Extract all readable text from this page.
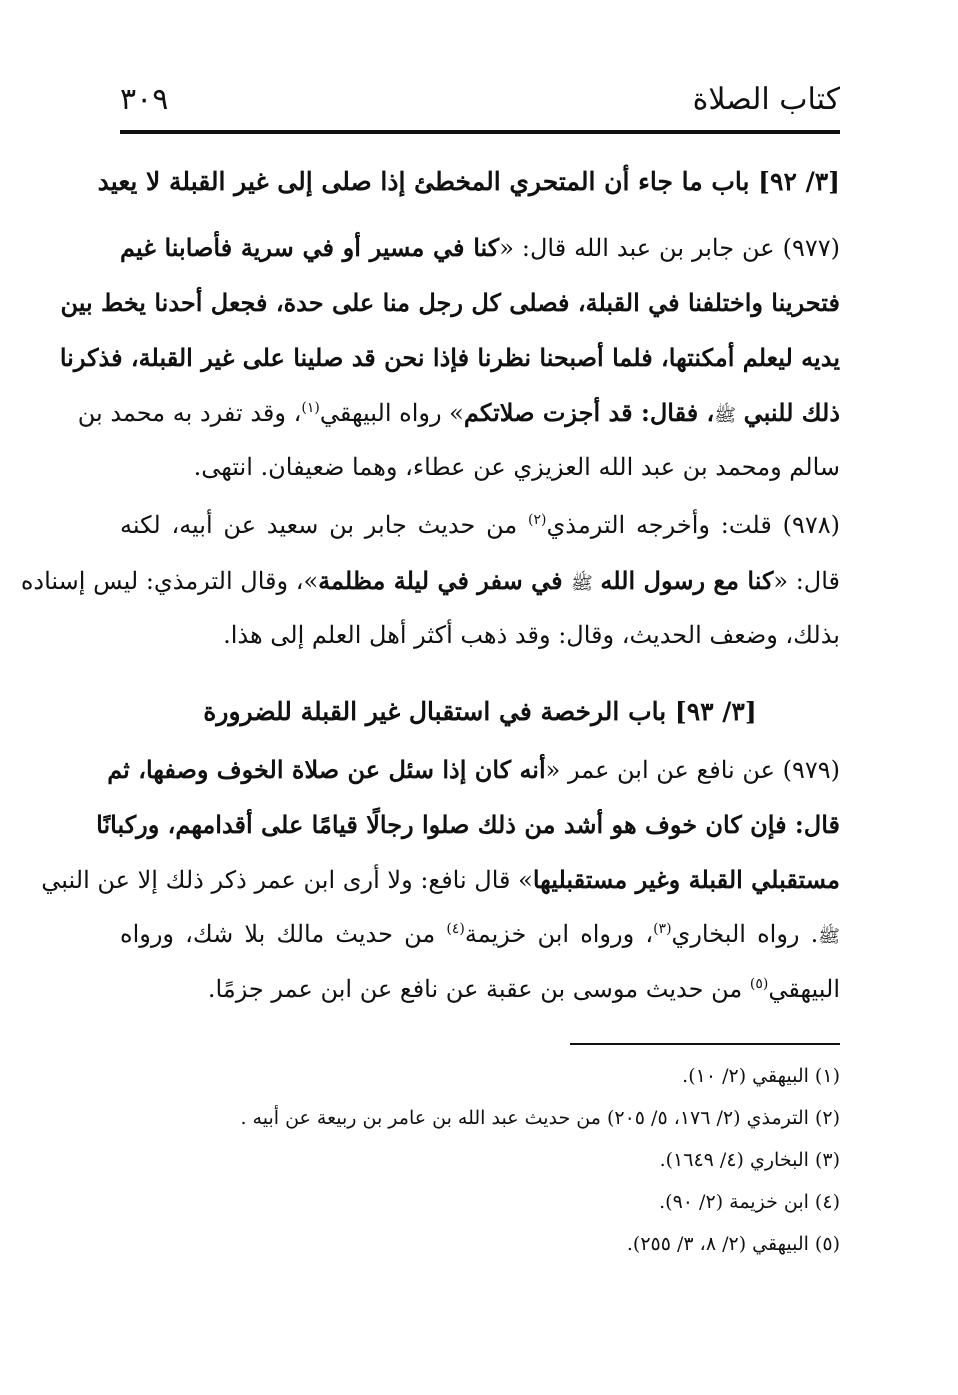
كتاب الصلاة
٣٠٩
[٣/ ٩٢] باب ما جاء أن المتحري المخطئ إذا صلى إلى غير القبلة لا يعيد
(٩٧٧) عن جابر بن عبد الله قال: «كنا في مسير أو في سرية فأصابنا غيم
فتحرينا واختلفنا في القبلة، فصلى كل رجل منا على حدة، فجعل أحدنا يخط بين
يديه ليعلم أمكنتها، فلما أصبحنا نظرنا فإذا نحن قد صلينا على غير القبلة، فذكرنا
ذلك للنبي ﷺ، فقال: قد أجزت صلاتكم» رواه البيهقي$^{(١)}$، وقد تفرد به محمد بن
سالم ومحمد بن عبد الله العزيزي عن عطاء، وهما ضعيفان. انتهى.
(٩٧٨) قلت: وأخرجه الترمذي$^{(٢)}$ من حديث جابر بن سعيد عن أبيه، لكنه
قال: «كنا مع رسول الله ﷺ في سفر في ليلة مظلمة»، وقال الترمذي: ليس إسناده
بذلك، وضعف الحديث، وقال: وقد ذهب أكثر أهل العلم إلى هذا.
[٣/ ٩٣] باب الرخصة في استقبال غير القبلة للضرورة
(٩٧٩) عن نافع عن ابن عمر «أنه كان إذا سئل عن صلاة الخوف وصفها، ثم
قال: فإن كان خوف هو أشد من ذلك صلوا رجالًا قيامًا على أقدامهم، وركبانًا
مستقبلي القبلة وغير مستقبليها» قال نافع: ولا أرى ابن عمر ذكر ذلك إلا عن النبي
ﷺ. رواه البخاري$^{(٣)}$، ورواه ابن خزيمة$^{(٤)}$ من حديث مالك بلا شك، ورواه
البيهقي$^{(٥)}$ من حديث موسى بن عقبة عن نافع عن ابن عمر جزمًا.
(١) البيهقي (٢/ ١٠).
(٢) الترمذي (٢/ ١٧٦، ٥/ ٢٠٥) من حديث عبد الله بن عامر بن ربيعة عن أبيه .
(٣) البخاري (٤/ ١٦٤٩).
(٤) ابن خزيمة (٢/ ٩٠).
(٥) البيهقي (٢/ ٨، ٣/ ٢٥٥).
